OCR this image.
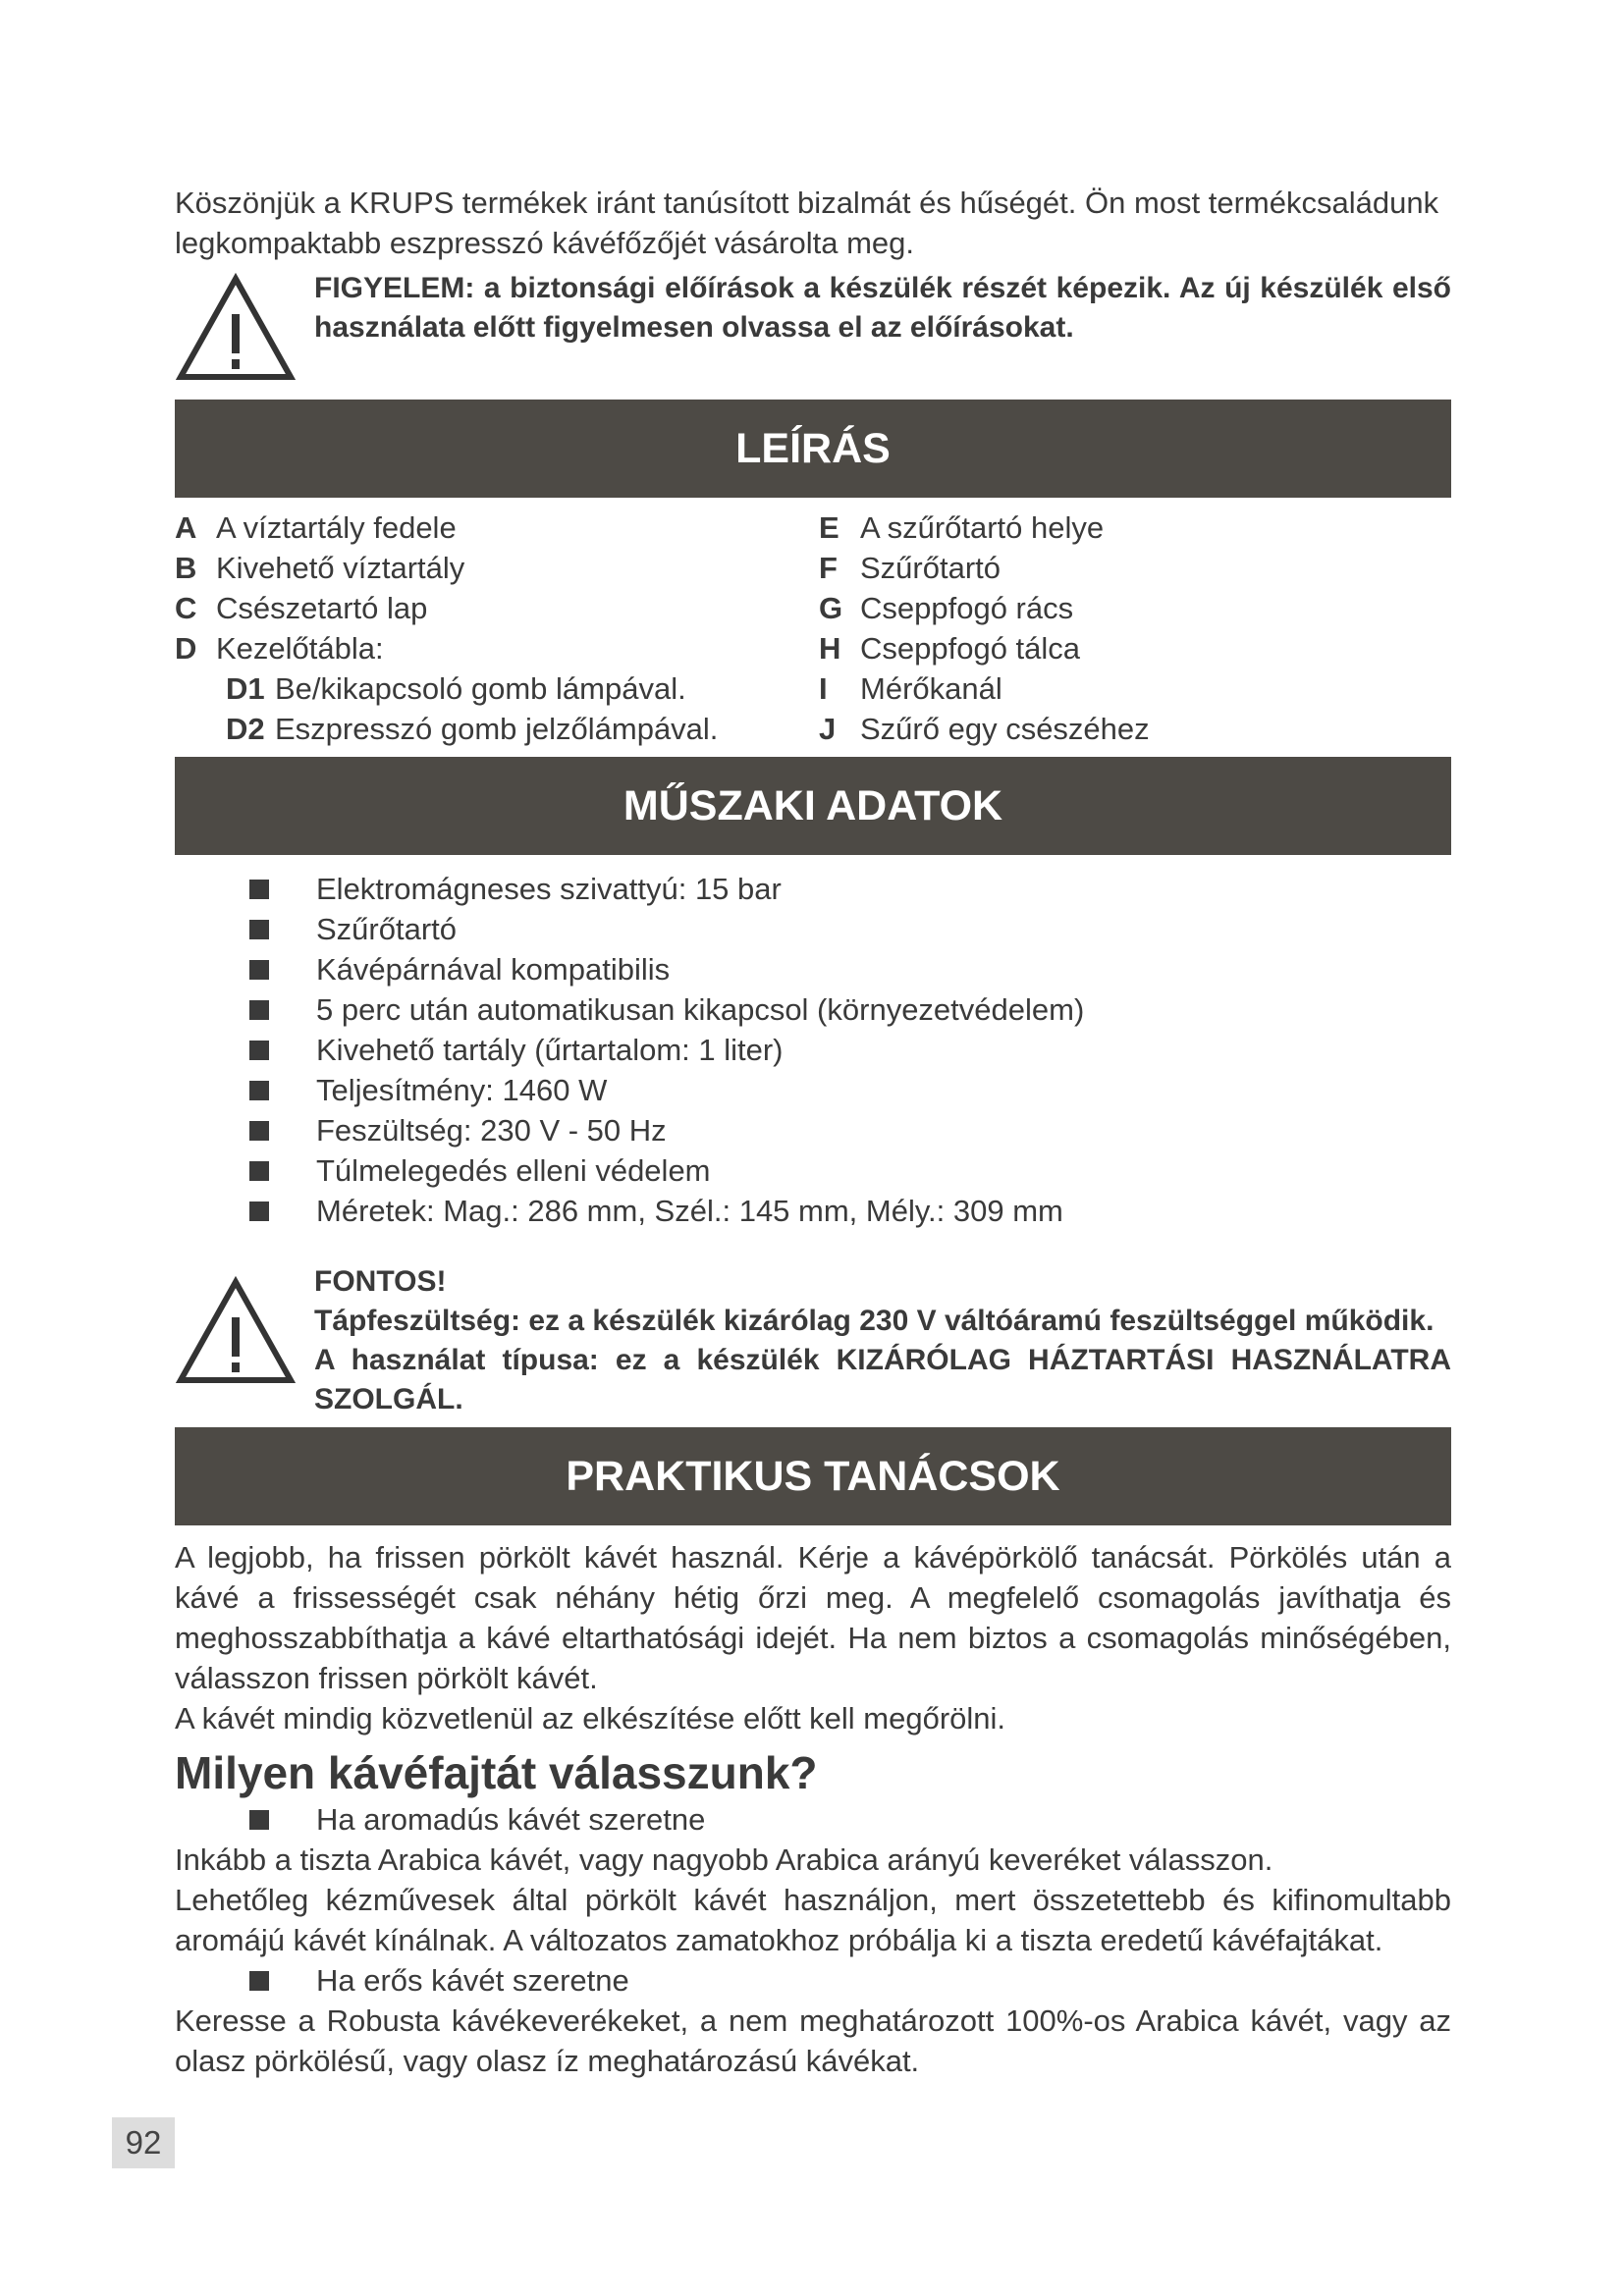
Köszönjük a KRUPS termékek iránt tanúsított bizalmát és hűségét. Ön most termékcsaládunk legkompaktabb eszpresszó kávéfőzőjét vásárolta meg.

FIGYELEM: a biztonsági előírások a készülék részét képezik. Az új készülék első használata előtt figyelmesen olvassa el az előírásokat.
LEÍRÁS
A A víztartály fedele
B Kivehető víztartály
C Csészetartó lap
D Kezelőtábla:
D1 Be/kikapcsoló gomb lámpával.
D2 Eszpresszó gomb jelzőlámpával.
E A szűrőtartó helye
F Szűrőtartó
G Cseppfogó rács
H Cseppfogó tálca
I Mérőkanál
J Szűrő egy csészéhez
MŰSZAKI ADATOK
Elektromágneses szivattyú: 15 bar
Szűrőtartó
Kávépárnával kompatibilis
5 perc után automatikusan kikapcsol (környezetvédelem)
Kivehető tartály (űrtartalom: 1 liter)
Teljesítmény: 1460 W
Feszültség: 230 V - 50 Hz
Túlmelegedés elleni védelem
Méretek: Mag.: 286 mm, Szél.: 145 mm, Mély.: 309 mm
FONTOS!
Tápfeszültség: ez a készülék kizárólag 230 V váltóáramú feszültséggel működik.
A használat típusa: ez a készülék KIZÁRÓLAG HÁZTARTÁSI HASZNÁLATRA SZOLGÁL.
PRAKTIKUS TANÁCSOK

A legjobb, ha frissen pörkölt kávét használ. Kérje a kávépörkölő tanácsát. Pörkölés után a kávé a frissességét csak néhány hétig őrzi meg. A megfelelő csomagolás javíthatja és meghosszabbíthatja a kávé eltarthatósági idejét. Ha nem biztos a csomagolás minőségében, válasszon frissen pörkölt kávét.

A kávét mindig közvetlenül az elkészítése előtt kell megőrölni.

Milyen kávéfajtát válasszunk?
Ha aromadús kávét szeretne

Inkább a tiszta Arabica kávét, vagy nagyobb Arabica arányú keveréket válasszon.

Lehetőleg kézművesek által pörkölt kávét használjon, mert összetettebb és kifinomultabb aromájú kávét kínálnak. A változatos zamatokhoz próbálja ki a tiszta eredetű kávéfajtákat.

Ha erős kávét szeretne

Keresse a Robusta kávékeverékeket, a nem meghatározott 100%-os Arabica kávét, vagy az olasz pörkölésű, vagy olasz íz meghatározású kávékat.

92
